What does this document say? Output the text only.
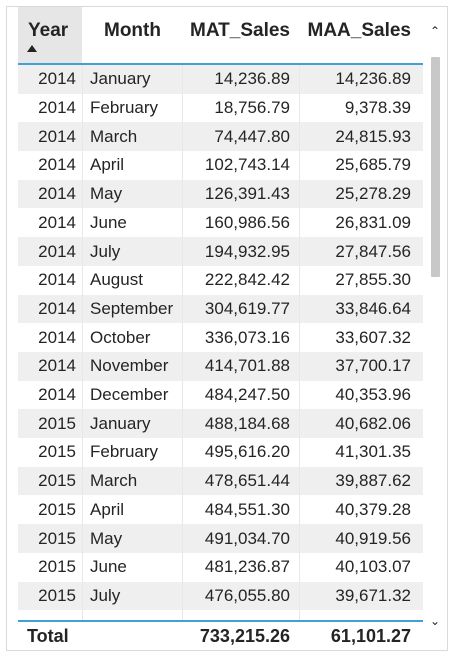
Year Month MAT_Sales MAA_Sales
2014 January	14,236.89	14,236.89
2014 February	18,756.79	9,378.39
2014 March	74,447.80	24,815.93
2014 April	102,743.14	25,685.79
2014 May	126,391.43	25,278.29
2014 June	160,986.56	26,831.09
2014 July	194,932.95	27,847.56
2014 August	222,842.42	27,855.30
2014 September	304,619.77	33,846.64
2014 October	336,073.16	33,607.32
2014 November	414,701.88	37,700.17
2014 December	484,247.50	40,353.96
2015 January	488,184.68	40,682.06
2015 February	495,616.20	41,301.35
2015 March	478,651.44	39,887.62
2015 April	484,551.30	40,379.28
2015 May	491,034.70	40,919.56
2015 June	481,236.87	40,103.07
2015 July	476,055.80	39,671.32
Total	733,215.26	61,101.27
⌃
⌄
